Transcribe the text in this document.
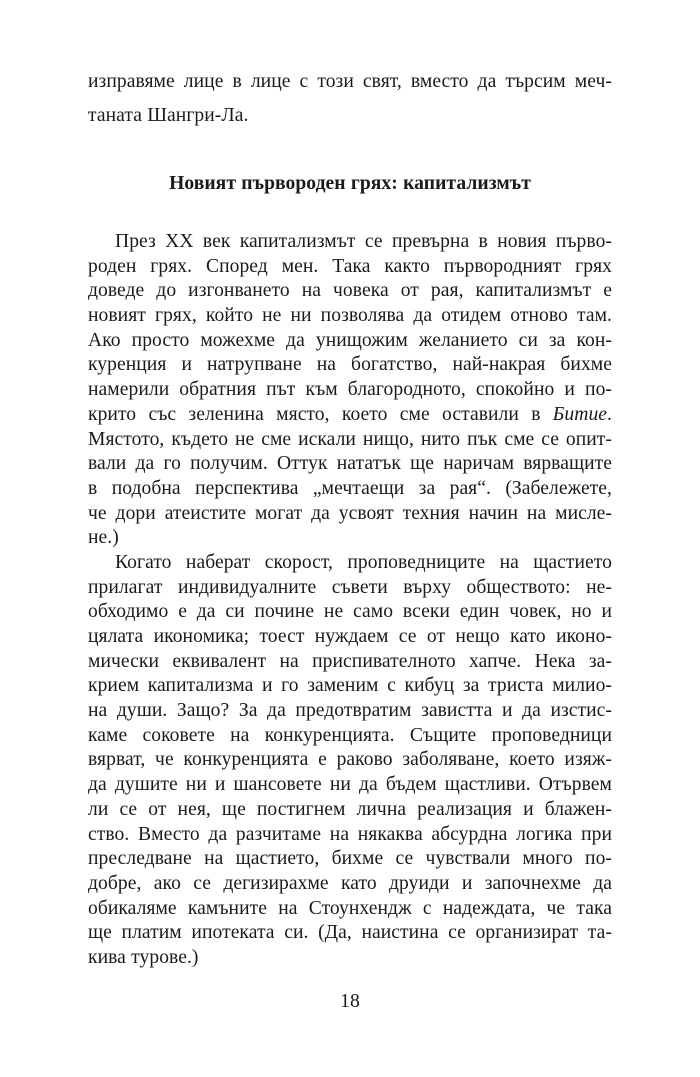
изправяме лице в лице с този свят, вместо да търсим меч-
таната Шангри-Ла.
Новият първороден грях: капитализмът
През XX век капитализмът се превърна в новия първо-
роден грях. Според мен. Така както първородният грях
доведе до изгонването на човека от рая, капитализмът е
новият грях, който не ни позволява да отидем отново там.
Ако просто можехме да унищожим желанието си за кон-
куренция и натрупване на богатство, най-накрая бихме
намерили обратния път към благородното, спокойно и по-
крито със зеленина място, което сме оставили в Битие.
Мястото, където не сме искали нищо, нито пък сме се опит-
вали да го получим. Оттук нататък ще наричам вярващите
в подобна перспектива „мечтаещи за рая“. (Забележете,
че дори атеистите могат да усвоят техния начин на мисле-
не.)
Когато наберат скорост, проповедниците на щастието
прилагат индивидуалните съвети върху обществото: не-
обходимо е да си почине не само всеки един човек, но и
цялата икономика; тоест нуждаем се от нещо като иконо-
мически еквивалент на приспивателното хапче. Нека за-
крием капитализма и го заменим с кибуц за триста милио-
на души. Защо? За да предотвратим завистта и да изстис-
каме соковете на конкуренцията. Същите проповедници
вярват, че конкуренцията е раково заболяване, което изяж-
да душите ни и шансовете ни да бъдем щастливи. Отървем
ли се от нея, ще постигнем лична реализация и блажен-
ство. Вместо да разчитаме на някаква абсурдна логика при
преследване на щастието, бихме се чувствали много по-
добре, ако се дегизирахме като друиди и започнехме да
обикаляме камъните на Стоунхендж с надеждата, че така
ще платим ипотеката си. (Да, наистина се организират та-
кива турове.)
18
